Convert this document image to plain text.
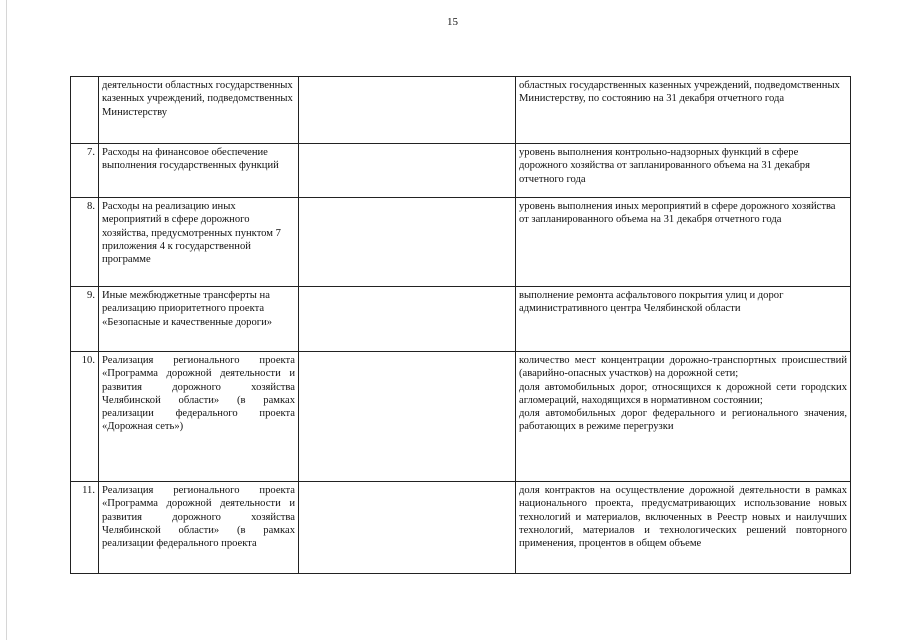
15
	деятельности областных государственных казенных учреждений, подведомственных Министерству		областных государственных казенных учреждений, подведомственных Министерству, по состоянию на 31 декабря отчетного года
7.	Расходы на финансовое обеспечение выполнения государственных функций		уровень выполнения контрольно-надзорных функций в сфере дорожного хозяйства от запланированного объема на 31 декабря отчетного года
8.	Расходы на реализацию иных мероприятий в сфере дорожного хозяйства, предусмотренных пунктом 7 приложения 4 к государственной программе		уровень выполнения иных мероприятий в сфере дорожного хозяйства от запланированного объема на 31 декабря отчетного года
9.	Иные межбюджетные трансферты на реализацию приоритетного проекта «Безопасные и качественные дороги»		выполнение ремонта асфальтового покрытия улиц и дорог административного центра Челябинской области
10.	Реализация регионального проекта «Программа дорожной деятельности и развития дорожного хозяйства Челябинской области» (в рамках реализации федерального проекта «Дорожная сеть»)		количество мест концентрации дорожно-транспортных происшествий (аварийно-опасных участков) на дорожной сети;
доля автомобильных дорог, относящихся к дорожной сети городских агломераций, находящихся в нормативном состоянии;
доля автомобильных дорог федерального и регионального значения, работающих в режиме перегрузки

11.	Реализация регионального проекта «Программа дорожной деятельности и развития дорожного хозяйства Челябинской области» (в рамках реализации федерального проекта		доля контрактов на осуществление дорожной деятельности в рамках национального проекта, предусматривающих использование новых технологий и материалов, включенных в Реестр новых и наилучших технологий, материалов и технологических решений повторного применения, процентов в общем объеме
